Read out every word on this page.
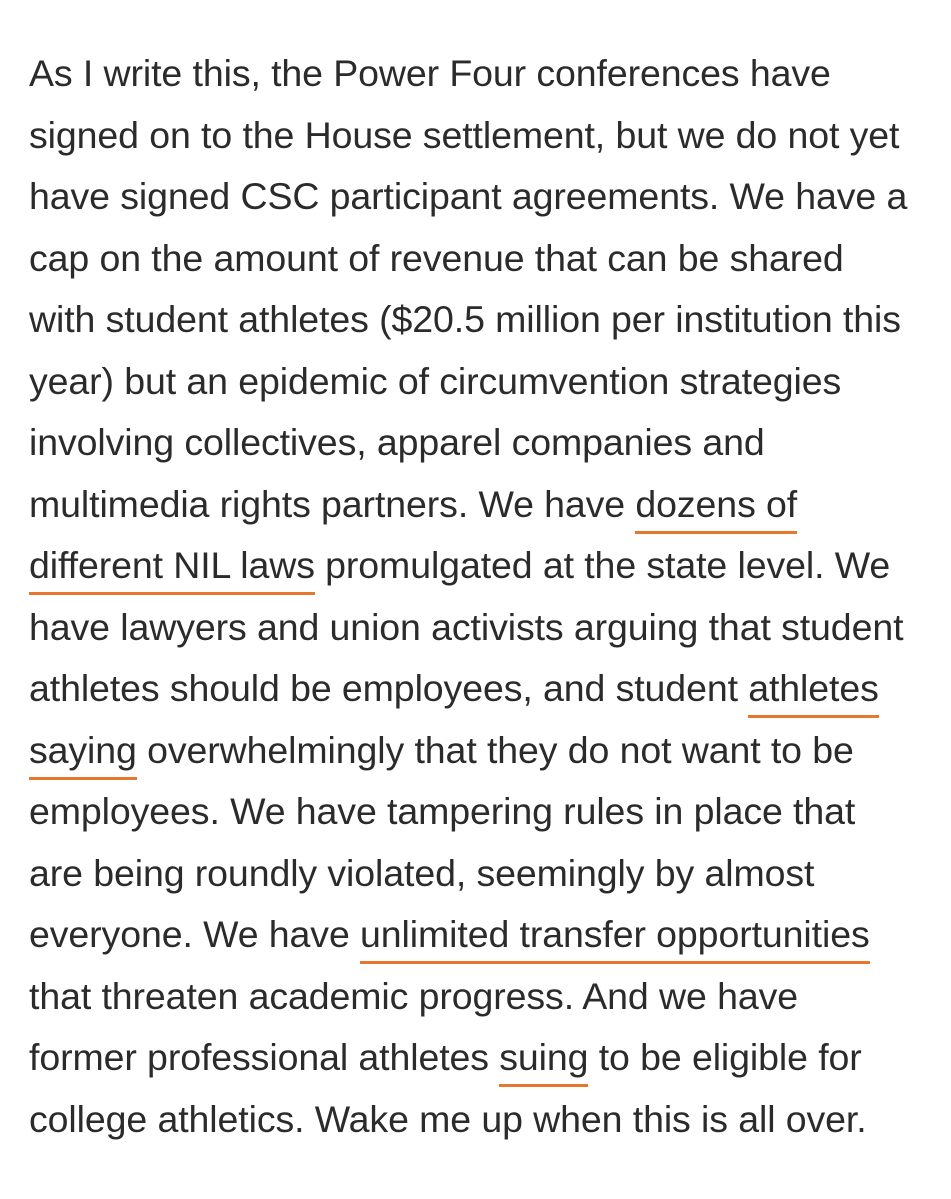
As I write this, the Power Four conferences have
signed on to the House settlement, but we do not yet
have signed CSC participant agreements. We have a
cap on the amount of revenue that can be shared
with student athletes ($20.5 million per institution this
year) but an epidemic of circumvention strategies
involving collectives, apparel companies and
multimedia rights partners. We have dozens of
different NIL laws promulgated at the state level. We
have lawyers and union activists arguing that student
athletes should be employees, and student athletes
saying overwhelmingly that they do not want to be
employees. We have tampering rules in place that
are being roundly violated, seemingly by almost
everyone. We have unlimited transfer opportunities
that threaten academic progress. And we have
former professional athletes suing to be eligible for
college athletics. Wake me up when this is all over.
